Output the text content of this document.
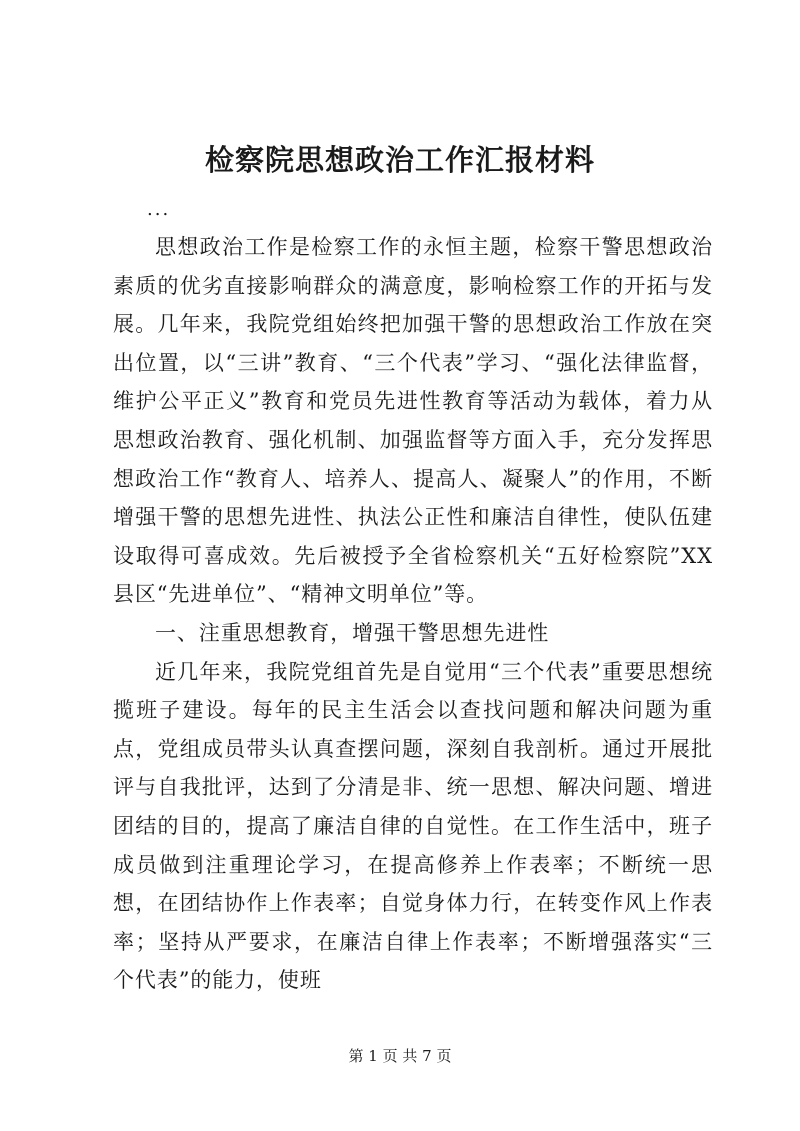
检察院思想政治工作汇报材料
...

思想政治工作是检察工作的永恒主题，检察干警思想政治素质的优劣直接影响群众的满意度，影响检察工作的开拓与发展。几年来，我院党组始终把加强干警的思想政治工作放在突出位置，以“三讲”教育、“三个代表”学习、“强化法律监督，维护公平正义”教育和党员先进性教育等活动为载体，着力从思想政治教育、强化机制、加强监督等方面入手，充分发挥思想政治工作“教育人、培养人、提高人、凝聚人”的作用，不断增强干警的思想先进性、执法公正性和廉洁自律性，使队伍建设取得可喜成效。先后被授予全省检察机关“五好检察院”XX县区“先进单位”、“精神文明单位”等。

一、注重思想教育，增强干警思想先进性

近几年来，我院党组首先是自觉用“三个代表”重要思想统揽班子建设。每年的民主生活会以查找问题和解决问题为重点，党组成员带头认真查摆问题，深刻自我剖析。通过开展批评与自我批评，达到了分清是非、统一思想、解决问题、增进团结的目的，提高了廉洁自律的自觉性。在工作生活中，班子成员做到注重理论学习，在提高修养上作表率；不断统一思想，在团结协作上作表率；自觉身体力行，在转变作风上作表率；坚持从严要求，在廉洁自律上作表率；不断增强落实“三个代表”的能力，使班

第 1 页 共 7 页
